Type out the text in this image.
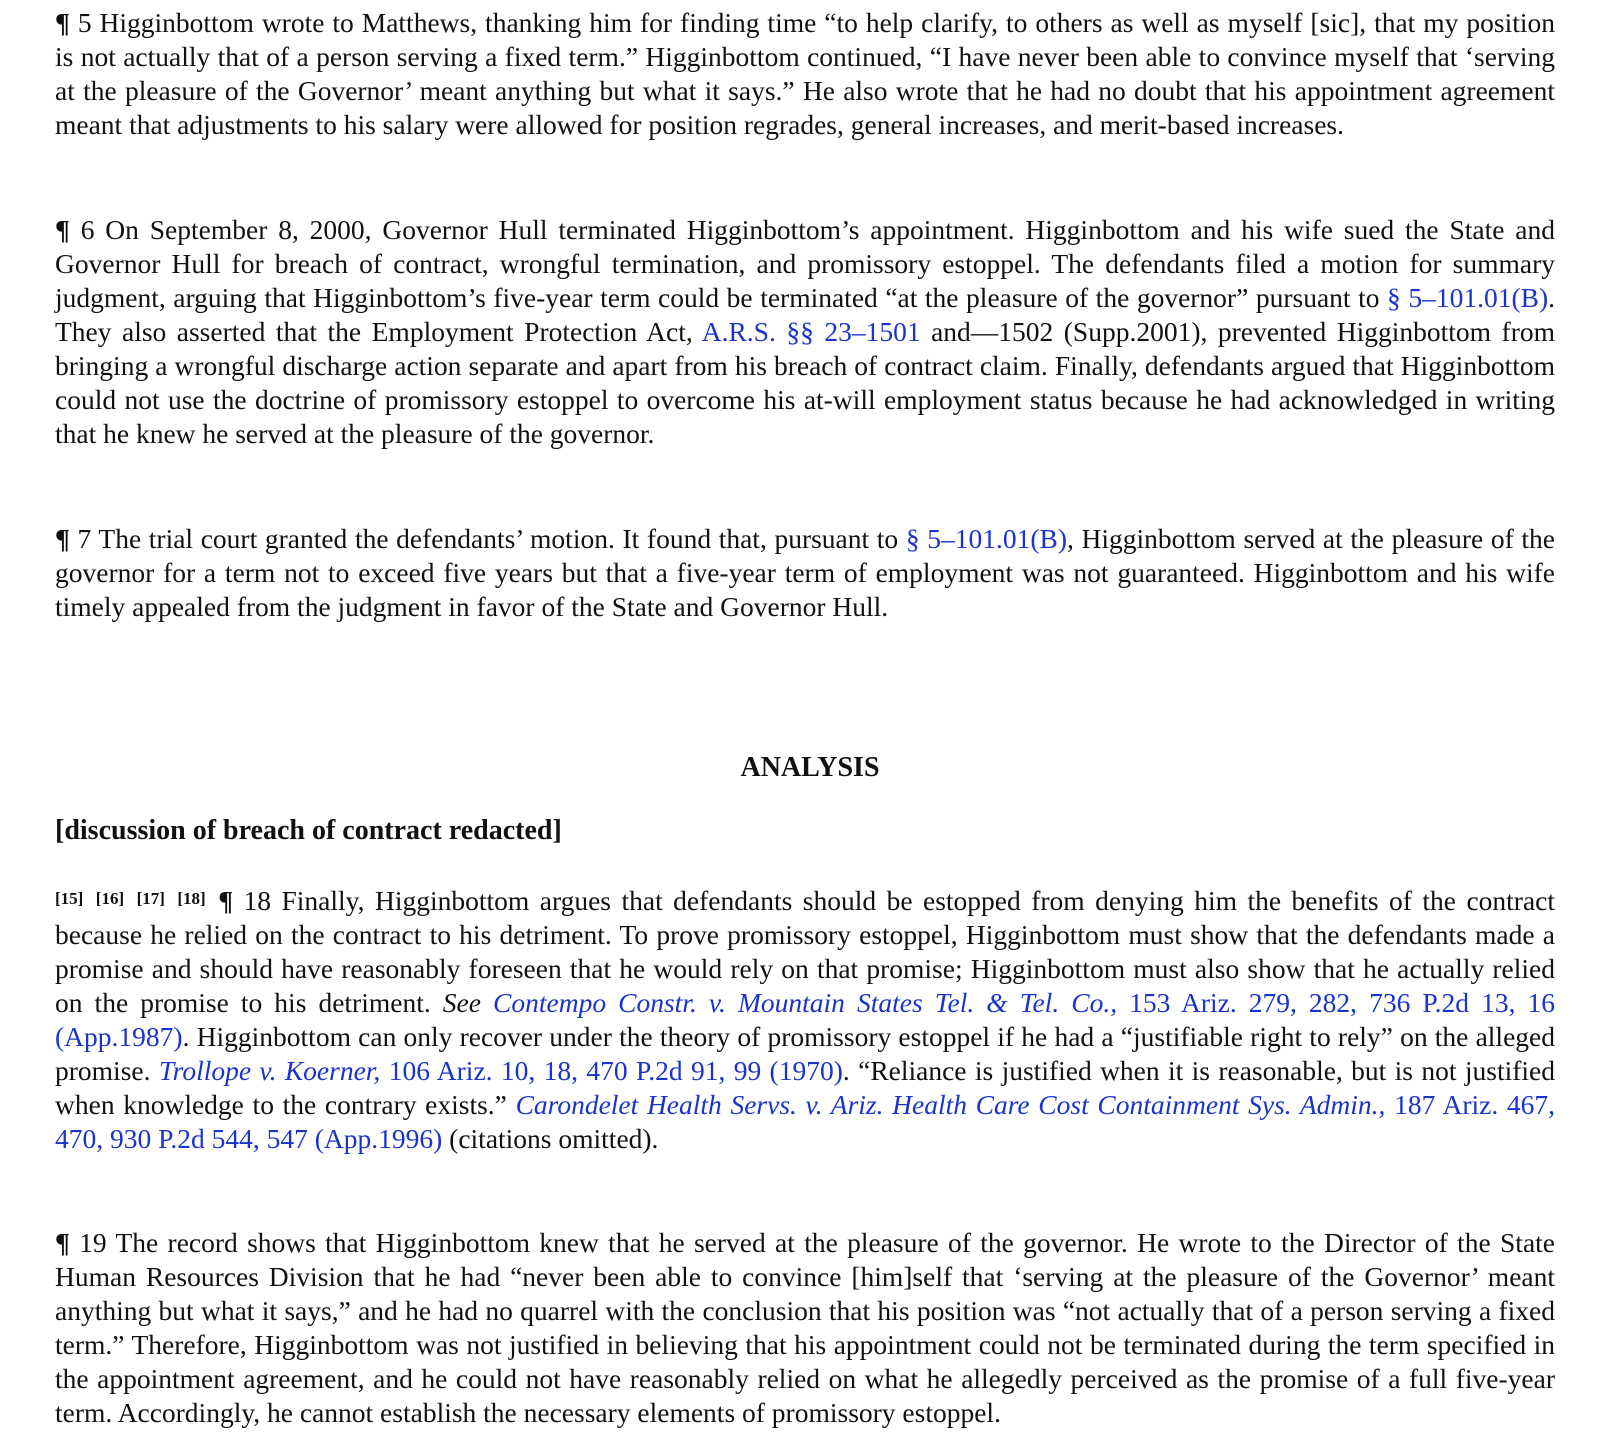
¶ 5 Higginbottom wrote to Matthews, thanking him for finding time “to help clarify, to others as well as myself [sic], that my position is not actually that of a person serving a fixed term.” Higginbottom continued, “I have never been able to convince myself that ‘serving at the pleasure of the Governor’ meant anything but what it says.” He also wrote that he had no doubt that his appointment agreement meant that adjustments to his salary were allowed for position regrades, general increases, and merit-based increases.

¶ 6 On September 8, 2000, Governor Hull terminated Higginbottom’s appointment. Higginbottom and his wife sued the State and Governor Hull for breach of contract, wrongful termination, and promissory estoppel. The defendants filed a motion for summary judgment, arguing that Higginbottom’s five-year term could be terminated “at the pleasure of the governor” pursuant to § 5–101.01(B). They also asserted that the Employment Protection Act, A.R.S. §§ 23–1501 and—1502 (Supp.2001), prevented Higginbottom from bringing a wrongful discharge action separate and apart from his breach of contract claim. Finally, defendants argued that Higginbottom could not use the doctrine of promissory estoppel to overcome his at-will employment status because he had acknowledged in writing that he knew he served at the pleasure of the governor.

¶ 7 The trial court granted the defendants’ motion. It found that, pursuant to § 5–101.01(B), Higginbottom served at the pleasure of the governor for a term not to exceed five years but that a five-year term of employment was not guaranteed. Higginbottom and his wife timely appealed from the judgment in favor of the State and Governor Hull.

ANALYSIS
[discussion of breach of contract redacted]

[15] [16] [17] [18] ¶ 18 Finally, Higginbottom argues that defendants should be estopped from denying him the benefits of the contract because he relied on the contract to his detriment. To prove promissory estoppel, Higginbottom must show that the defendants made a promise and should have reasonably foreseen that he would rely on that promise; Higginbottom must also show that he actually relied on the promise to his detriment. See Contempo Constr. v. Mountain States Tel. & Tel. Co., 153 Ariz. 279, 282, 736 P.2d 13, 16 (App.1987). Higginbottom can only recover under the theory of promissory estoppel if he had a “justifiable right to rely” on the alleged promise. Trollope v. Koerner, 106 Ariz. 10, 18, 470 P.2d 91, 99 (1970). “Reliance is justified when it is reasonable, but is not justified when knowledge to the contrary exists.” Carondelet Health Servs. v. Ariz. Health Care Cost Containment Sys. Admin., 187 Ariz. 467, 470, 930 P.2d 544, 547 (App.1996) (citations omitted).

¶ 19 The record shows that Higginbottom knew that he served at the pleasure of the governor. He wrote to the Director of the State Human Resources Division that he had “never been able to convince [him]self that ‘serving at the pleasure of the Governor’ meant anything but what it says,” and he had no quarrel with the conclusion that his position was “not actually that of a person serving a fixed term.” Therefore, Higginbottom was not justified in believing that his appointment could not be terminated during the term specified in the appointment agreement, and he could not have reasonably relied on what he allegedly perceived as the promise of a full five-year term. Accordingly, he cannot establish the necessary elements of promissory estoppel.
